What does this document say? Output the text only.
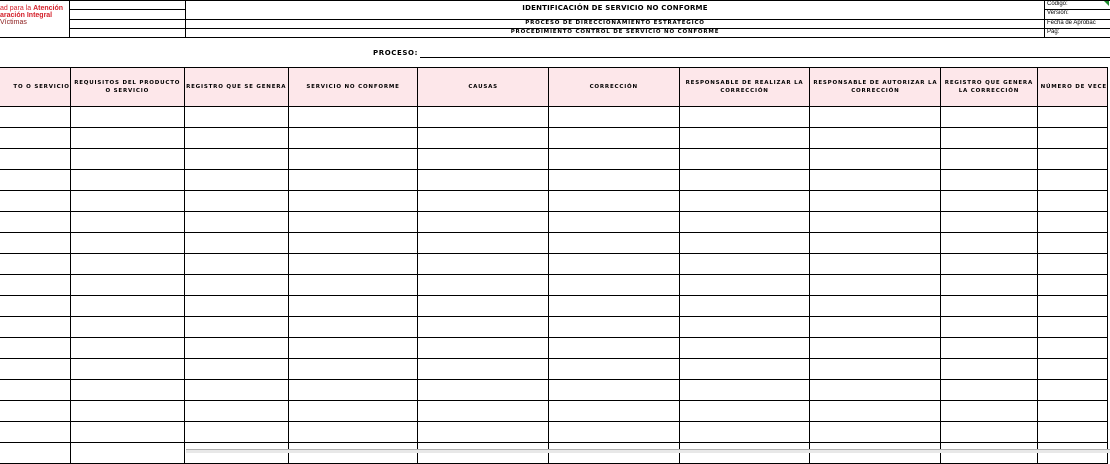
ad para la Atención
aración Integral
Víctimas
IDENTIFICACIÓN DE SERVICIO NO CONFORME
PROCESO DE DIRECCIONAMIENTO ESTRATEGICO
PROCEDIMIENTO CONTROL DE SERVICIO NO CONFORME
Código:
Versión:
Fecha de Aprobac
Pág:
PROCESO:
TO O SERVICIO	REQUISITOS DEL PRODUCTO O SERVICIO	REGISTRO QUE SE GENERA	SERVICIO NO CONFORME	CAUSAS	CORRECCIÓN	RESPONSABLE DE REALIZAR LA CORRECCIÓN	RESPONSABLE DE AUTORIZAR LA CORRECCIÓN	REGISTRO QUE GENERA LA CORRECCIÓN	NÚMERO DE VECE
